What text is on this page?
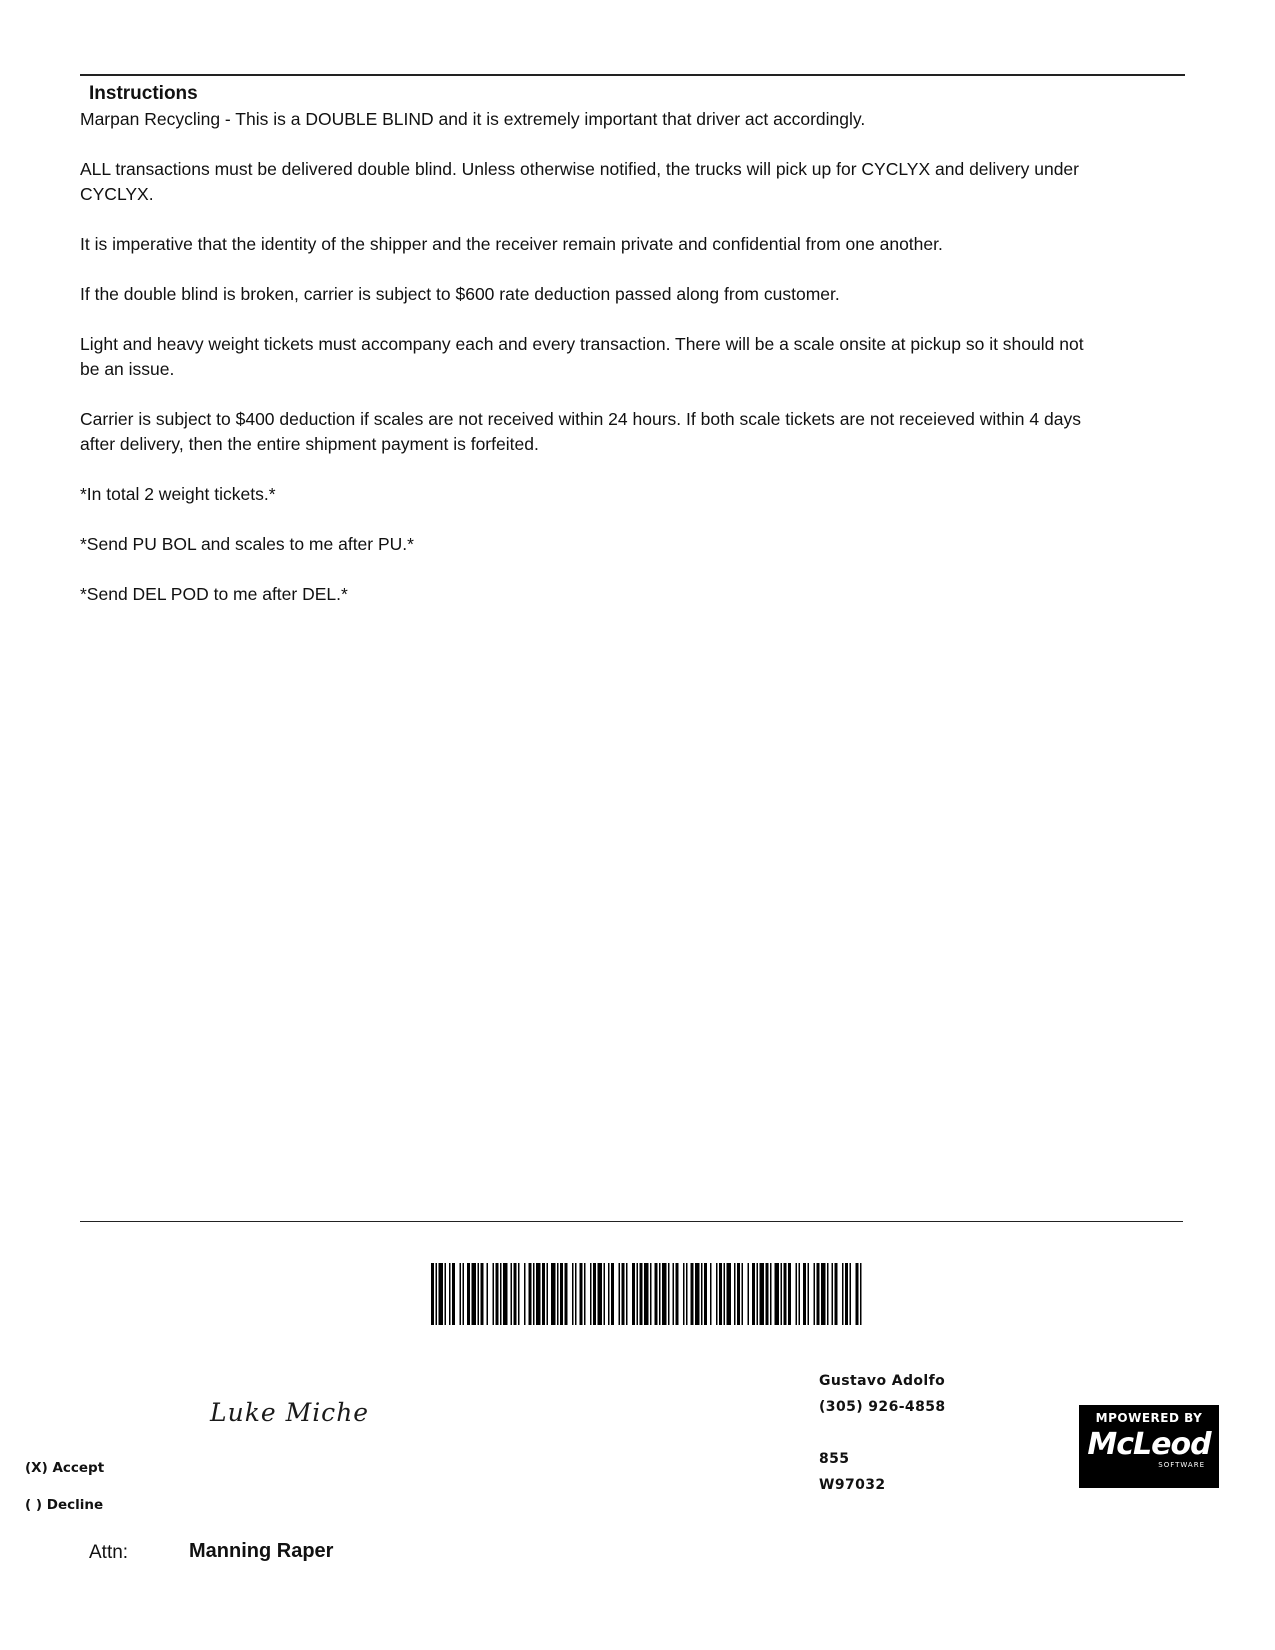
Instructions

Marpan Recycling - This is a DOUBLE BLIND and it is extremely important that driver act accordingly.

ALL transactions must be delivered double blind. Unless otherwise notified, the trucks will pick up for CYCLYX and delivery under CYCLYX.

It is imperative that the identity of the shipper and the receiver remain private and confidential from one another.

If the double blind is broken, carrier is subject to $600 rate deduction passed along from customer.

Light and heavy weight tickets must accompany each and every transaction. There will be a scale onsite at pickup so it should not be an issue.

Carrier is subject to $400 deduction if scales are not received within 24 hours. If both scale tickets are not receieved within 4 days after delivery, then the entire shipment payment is forfeited.

*In total 2 weight tickets.*

*Send PU BOL and scales to me after PU.*

*Send DEL POD to me after DEL.*

Luke Miche
(X) Accept
( ) Decline
Attn:	Manning Raper
Gustavo Adolfo
(305) 926-4858
855
W97032
MPOWERED BY
McLeod
SOFTWARE
